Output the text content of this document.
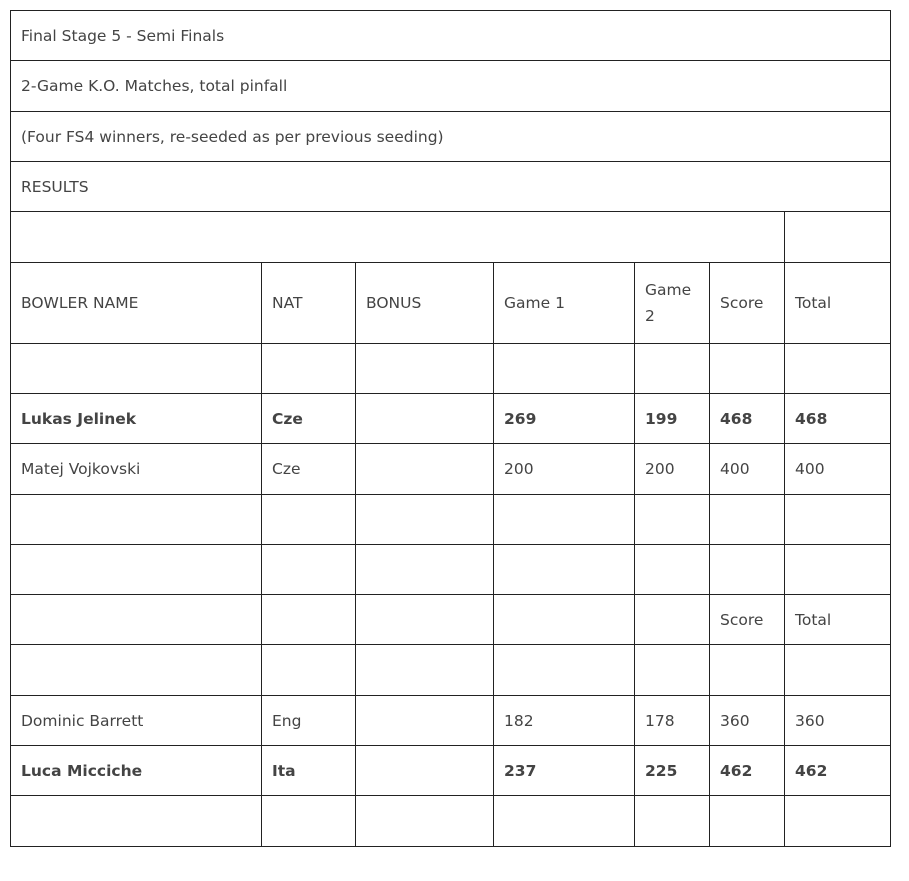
Final Stage 5 - Semi Finals						
2-Game K.O. Matches, total pinfall						
(Four FS4 winners, re-seeded as per previous seeding)						
RESULTS						

BOWLER NAME	NAT	BONUS	Game 1	Game 2	Score	Total

Lukas Jelinek	Cze		269	199	468	468
Matej Vojkovski	Cze		200	200	400	400

					Score	Total

Dominic Barrett	Eng		182	178	360	360
Luca Micciche	Ita		237	225	462	462
